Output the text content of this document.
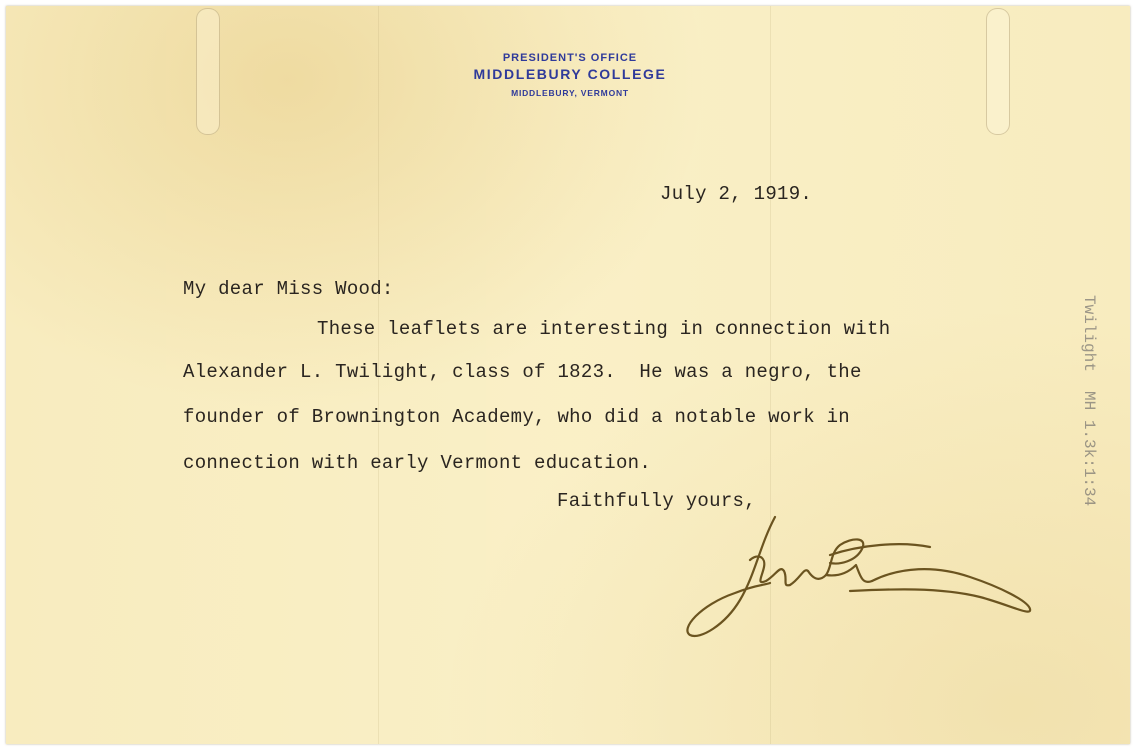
PRESIDENT'S OFFICE
MIDDLEBURY COLLEGE
MIDDLEBURY, VERMONT
July 2, 1919.
My dear Miss Wood:
These leaflets are interesting in connection with
Alexander L. Twilight, class of 1823.  He was a negro, the
founder of Brownington Academy, who did a notable work in
connection with early Vermont education.
Faithfully yours,	Twilight  MH 1.3k:1:34
